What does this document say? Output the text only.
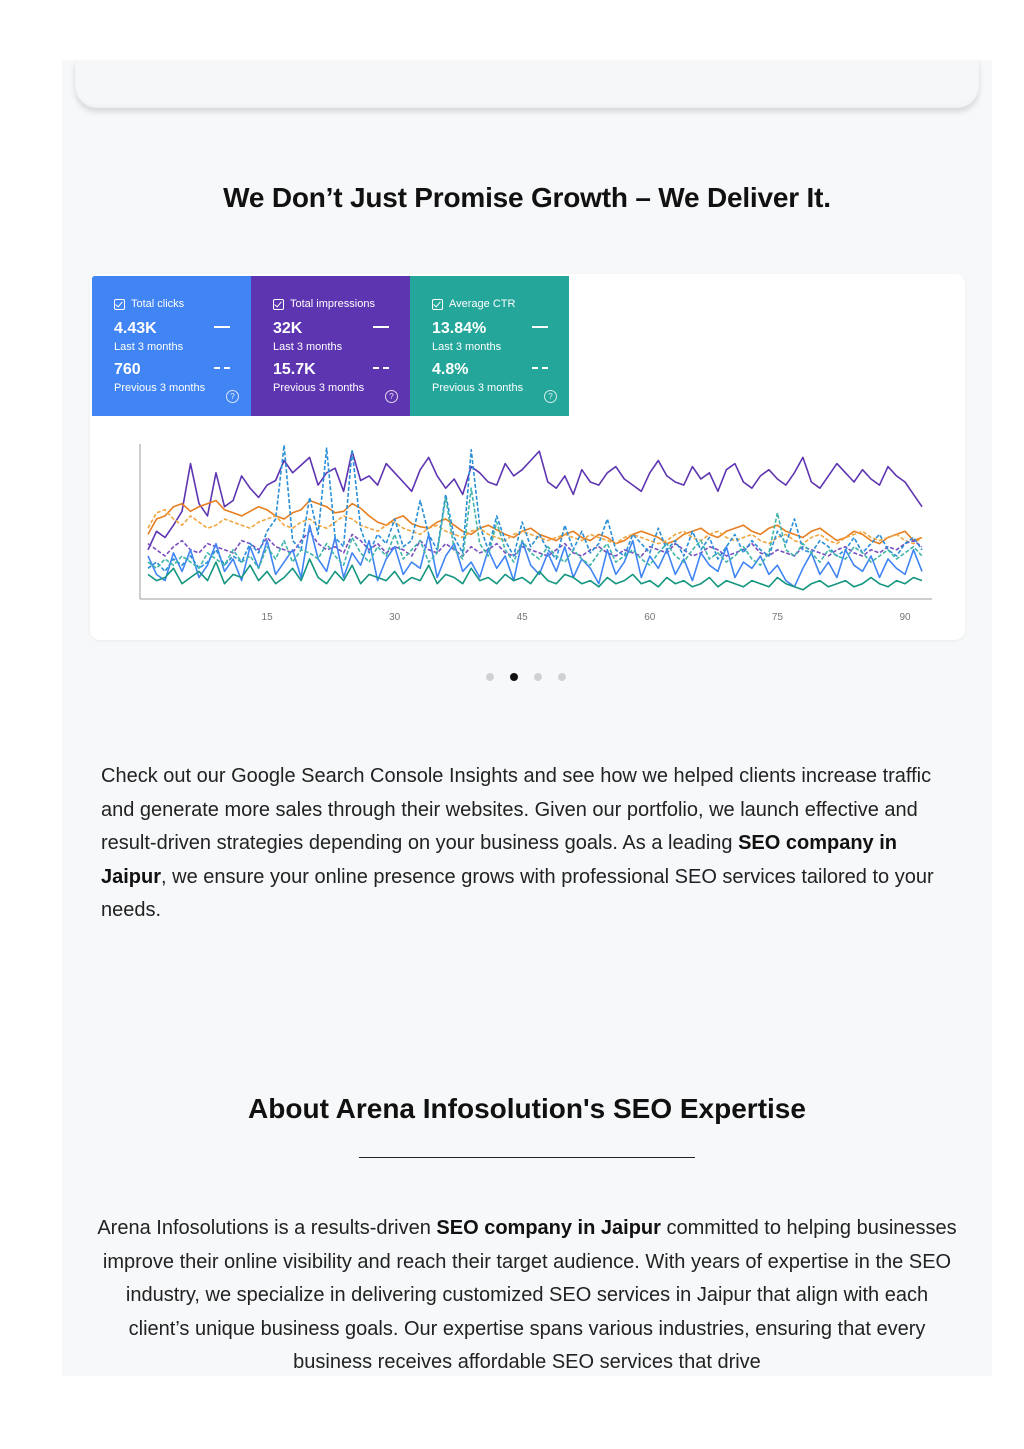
We Don’t Just Promise Growth – We Deliver It.
Total clicks
4.43K
Last 3 months
760
Previous 3 months
?
Total impressions
32K
Last 3 months
15.7K
Previous 3 months
?
Average CTR
13.84%
Last 3 months
4.8%
Previous 3 months
?
15	30	45	60	75	90

Check out our Google Search Console Insights and see how we helped clients increase traffic and generate more sales through their websites. Given our portfolio, we launch effective and result-driven strategies depending on your business goals. As a leading SEO company in Jaipur, we ensure your online presence grows with professional SEO services tailored to your needs.

About Arena Infosolution's SEO Expertise

Arena Infosolutions is a results-driven SEO company in Jaipur committed to helping businesses improve their online visibility and reach their target audience. With years of expertise in the SEO industry, we specialize in delivering customized SEO services in Jaipur that align with each client’s unique business goals. Our expertise spans various industries, ensuring that every business receives affordable SEO services that drive
